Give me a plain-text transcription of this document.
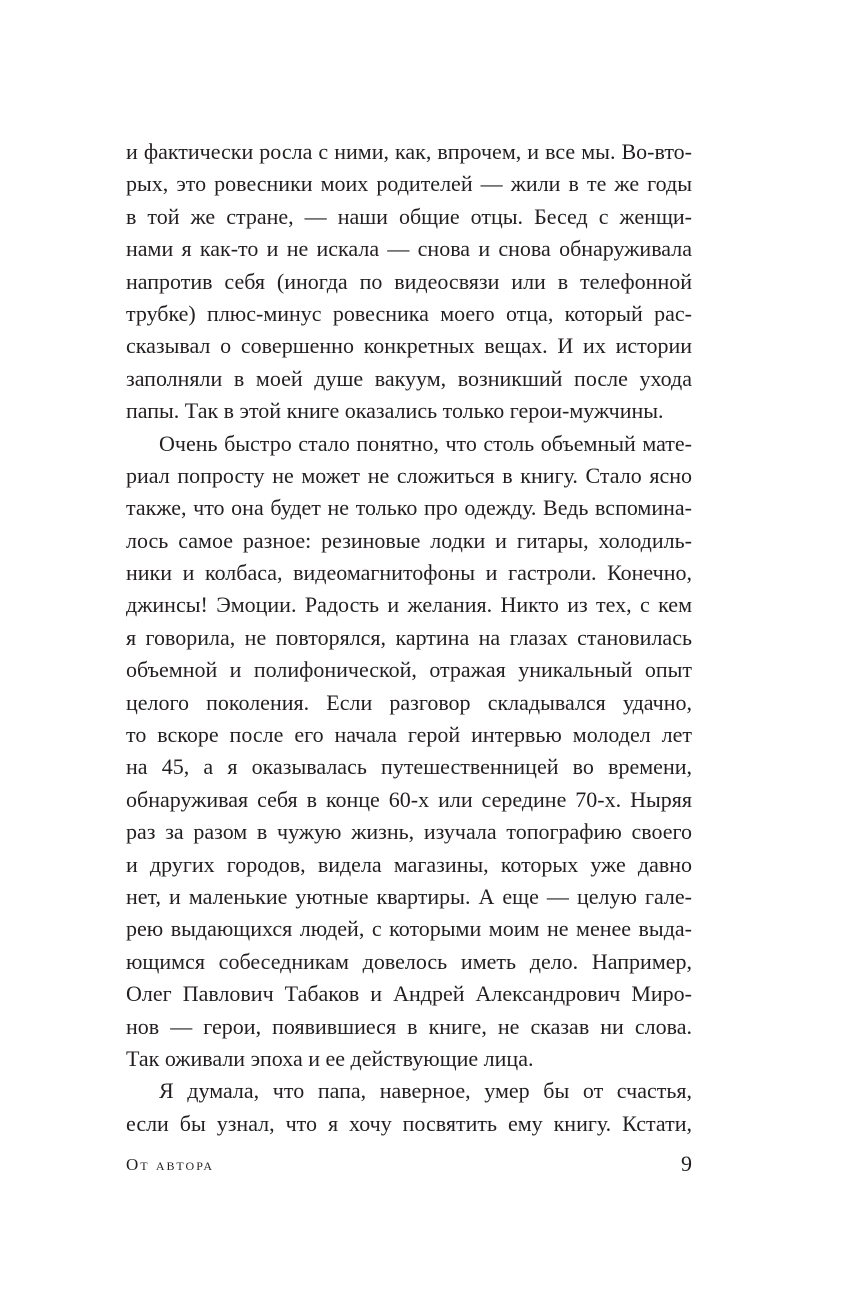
и фактически росла с ними, как, впрочем, и все мы. Во-вто-
рых, это ровесники моих родителей — жили в те же годы
в той же стране, — наши общие отцы. Бесед с женщи-
нами я как-то и не искала — снова и снова обнаруживала
напротив себя (иногда по видеосвязи или в телефонной
трубке) плюс-минус ровесника моего отца, который рас-
сказывал о совершенно конкретных вещах. И их истории
заполняли в моей душе вакуум, возникший после ухода
папы. Так в этой книге оказались только герои-мужчины.
Очень быстро стало понятно, что столь объемный мате-
риал попросту не может не сложиться в книгу. Стало ясно
также, что она будет не только про одежду. Ведь вспомина-
лось самое разное: резиновые лодки и гитары, холодиль-
ники и колбаса, видеомагнитофоны и гастроли. Конечно,
джинсы! Эмоции. Радость и желания. Никто из тех, с кем
я говорила, не повторялся, картина на глазах становилась
объемной и полифонической, отражая уникальный опыт
целого поколения. Если разговор складывался удачно,
то вскоре после его начала герой интервью молодел лет
на 45, а я оказывалась путешественницей во времени,
обнаруживая себя в конце 60-х или середине 70-х. Ныряя
раз за разом в чужую жизнь, изучала топографию своего
и других городов, видела магазины, которых уже давно
нет, и маленькие уютные квартиры. А еще — целую гале-
рею выдающихся людей, с которыми моим не менее выда-
ющимся собеседникам довелось иметь дело. Например,
Олег Павлович Табаков и Андрей Александрович Миро-
нов — герои, появившиеся в книге, не сказав ни слова.
Так оживали эпоха и ее действующие лица.
Я думала, что папа, наверное, умер бы от счастья,
если бы узнал, что я хочу посвятить ему книгу. Кстати,
От автора	9
